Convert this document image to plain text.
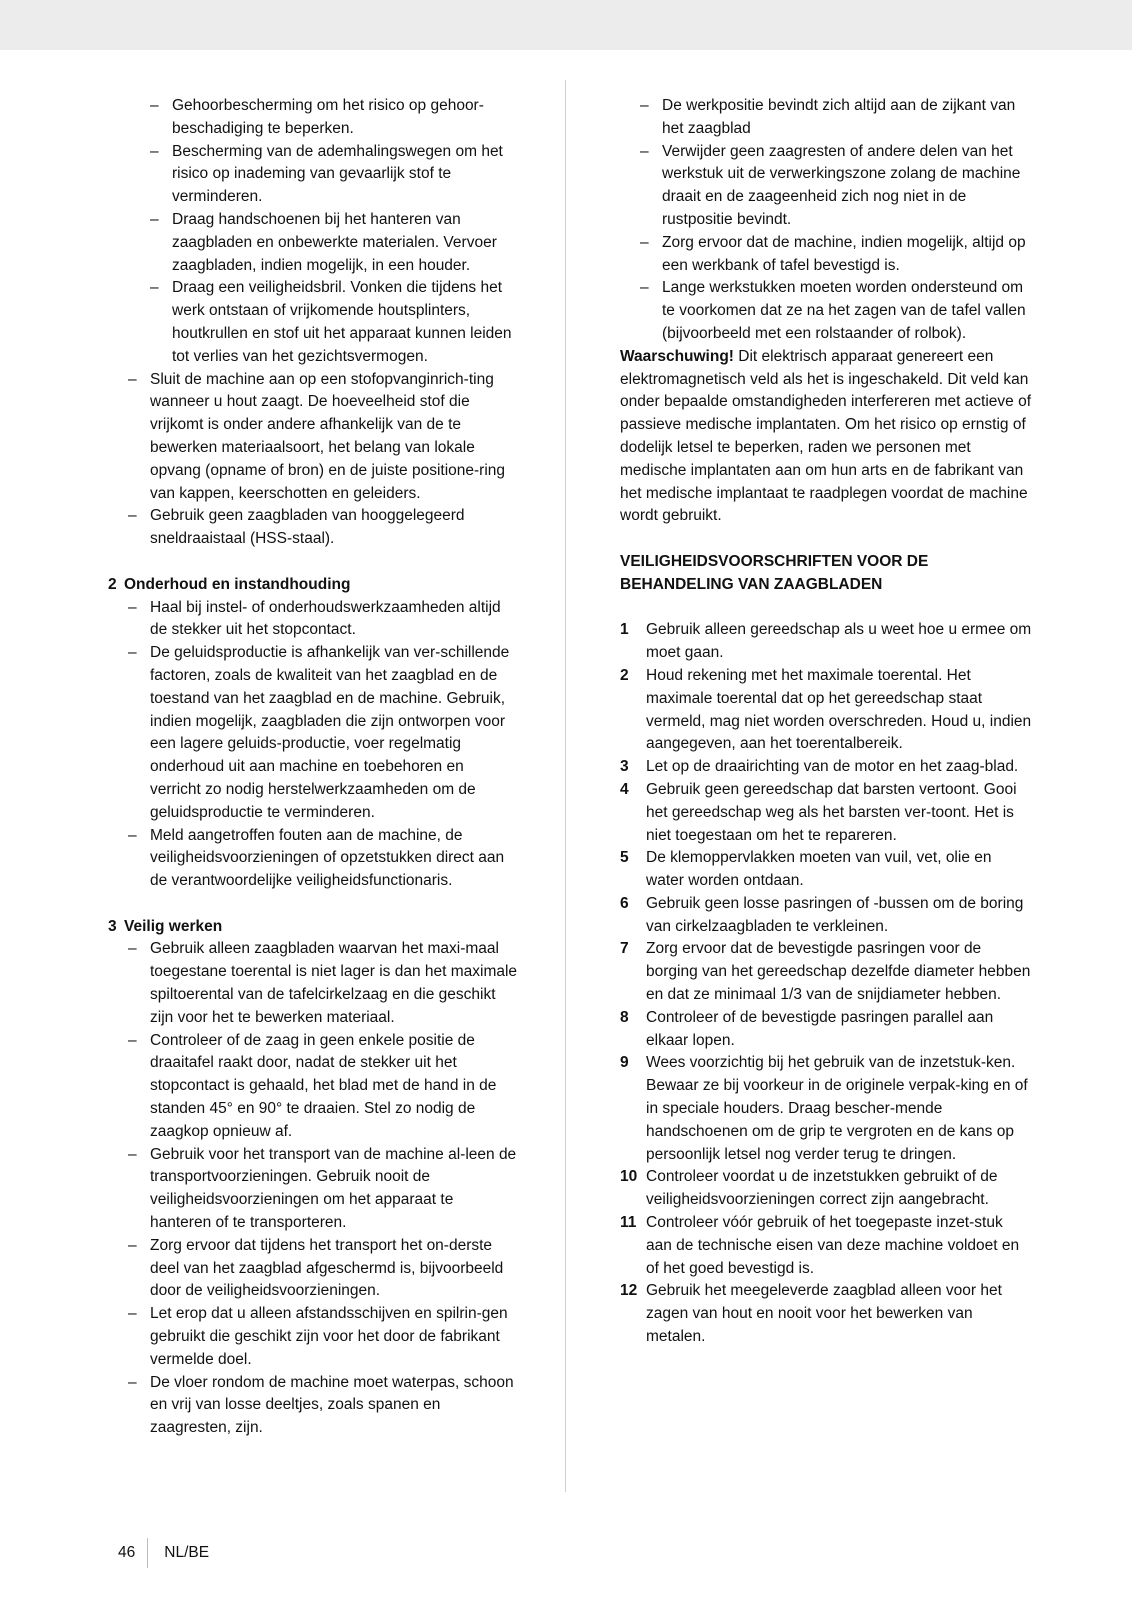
– Gehoorbescherming om het risico op gehoor-beschadiging te beperken.
– Bescherming van de ademhalingswegen om het risico op inademing van gevaarlijk stof te verminderen.
– Draag handschoenen bij het hanteren van zaagbladen en onbewerkte materialen. Vervoer zaagbladen, indien mogelijk, in een houder.
– Draag een veiligheidsbril. Vonken die tijdens het werk ontstaan of vrijkomende houtsplinters, houtkrullen en stof uit het apparaat kunnen leiden tot verlies van het gezichtsvermogen.
– Sluit de machine aan op een stofopvanginrich-ting wanneer u hout zaagt. De hoeveelheid stof die vrijkomt is onder andere afhankelijk van de te bewerken materiaalsoort, het belang van lokale opvang (opname of bron) en de juiste positione-ring van kappen, keerschotten en geleiders.
– Gebruik geen zaagbladen van hooggelegeerd sneldraaistaal (HSS-staal).
2 Onderhoud en instandhouding
– Haal bij instel- of onderhoudswerkzaamheden altijd de stekker uit het stopcontact.
– De geluidsproductie is afhankelijk van ver-schillende factoren, zoals de kwaliteit van het zaagblad en de toestand van het zaagblad en de machine. Gebruik, indien mogelijk, zaagbladen die zijn ontworpen voor een lagere geluids-productie, voer regelmatig onderhoud uit aan machine en toebehoren en verricht zo nodig herstelwerkzaamheden om de geluidsproductie te verminderen.
– Meld aangetroffen fouten aan de machine, de veiligheidsvoorzieningen of opzetstukken direct aan de verantwoordelijke veiligheidsfunctionaris.
3 Veilig werken
– Gebruik alleen zaagbladen waarvan het maxi-maal toegestane toerental is niet lager is dan het maximale spiltoerental van de tafelcirkelzaag en die geschikt zijn voor het te bewerken materiaal.
– Controleer of de zaag in geen enkele positie de draaitafel raakt door, nadat de stekker uit het stopcontact is gehaald, het blad met de hand in de standen 45° en 90° te draaien. Stel zo nodig de zaagkop opnieuw af.
– Gebruik voor het transport van de machine al-leen de transportvoorzieningen. Gebruik nooit de veiligheidsvoorzieningen om het apparaat te hanteren of te transporteren.
– Zorg ervoor dat tijdens het transport het on-derste deel van het zaagblad afgeschermd is, bijvoorbeeld door de veiligheidsvoorzieningen.
– Let erop dat u alleen afstandsschijven en spilrin-gen gebruikt die geschikt zijn voor het door de fabrikant vermelde doel.
– De vloer rondom de machine moet waterpas, schoon en vrij van losse deeltjes, zoals spanen en zaagresten, zijn.
– De werkpositie bevindt zich altijd aan de zijkant van het zaagblad
– Verwijder geen zaagresten of andere delen van het werkstuk uit de verwerkingszone zolang de machine draait en de zaageenheid zich nog niet in de rustpositie bevindt.
– Zorg ervoor dat de machine, indien mogelijk, altijd op een werkbank of tafel bevestigd is.
– Lange werkstukken moeten worden ondersteund om te voorkomen dat ze na het zagen van de tafel vallen (bijvoorbeeld met een rolstaander of rolbok).

Waarschuwing! Dit elektrisch apparaat genereert een elektromagnetisch veld als het is ingeschakeld. Dit veld kan onder bepaalde omstandigheden interfereren met actieve of passieve medische implantaten. Om het risico op ernstig of dodelijk letsel te beperken, raden we personen met medische implantaten aan om hun arts en de fabrikant van het medische implantaat te raadplegen voordat de machine wordt gebruikt.

VEILIGHEIDSVOORSCHRIFTEN VOOR DE BEHANDELING VAN ZAAGBLADEN
1	Gebruik alleen gereedschap als u weet hoe u ermee om moet gaan.
2	Houd rekening met het maximale toerental. Het maximale toerental dat op het gereedschap staat vermeld, mag niet worden overschreden. Houd u, indien aangegeven, aan het toerentalbereik.
3	Let op de draairichting van de motor en het zaag-blad.
4	Gebruik geen gereedschap dat barsten vertoont. Gooi het gereedschap weg als het barsten ver-toont. Het is niet toegestaan om het te repareren.
5	De klemoppervlakken moeten van vuil, vet, olie en water worden ontdaan.
6	Gebruik geen losse pasringen of -bussen om de boring van cirkelzaagbladen te verkleinen.
7	Zorg ervoor dat de bevestigde pasringen voor de borging van het gereedschap dezelfde diameter hebben en dat ze minimaal 1/3 van de snijdiameter hebben.
8	Controleer of de bevestigde pasringen parallel aan elkaar lopen.
9	Wees voorzichtig bij het gebruik van de inzetstuk-ken. Bewaar ze bij voorkeur in de originele verpak-king en of in speciale houders. Draag bescher-mende handschoenen om de grip te vergroten en de kans op persoonlijk letsel nog verder terug te dringen.
10 Controleer voordat u de inzetstukken gebruikt of de veiligheidsvoorzieningen correct zijn aangebracht.
11 Controleer vóór gebruik of het toegepaste inzet-stuk aan de technische eisen van deze machine voldoet en of het goed bevestigd is.
12 Gebruik het meegeleverde zaagblad alleen voor het zagen van hout en nooit voor het bewerken van metalen.
46	NL/BE
